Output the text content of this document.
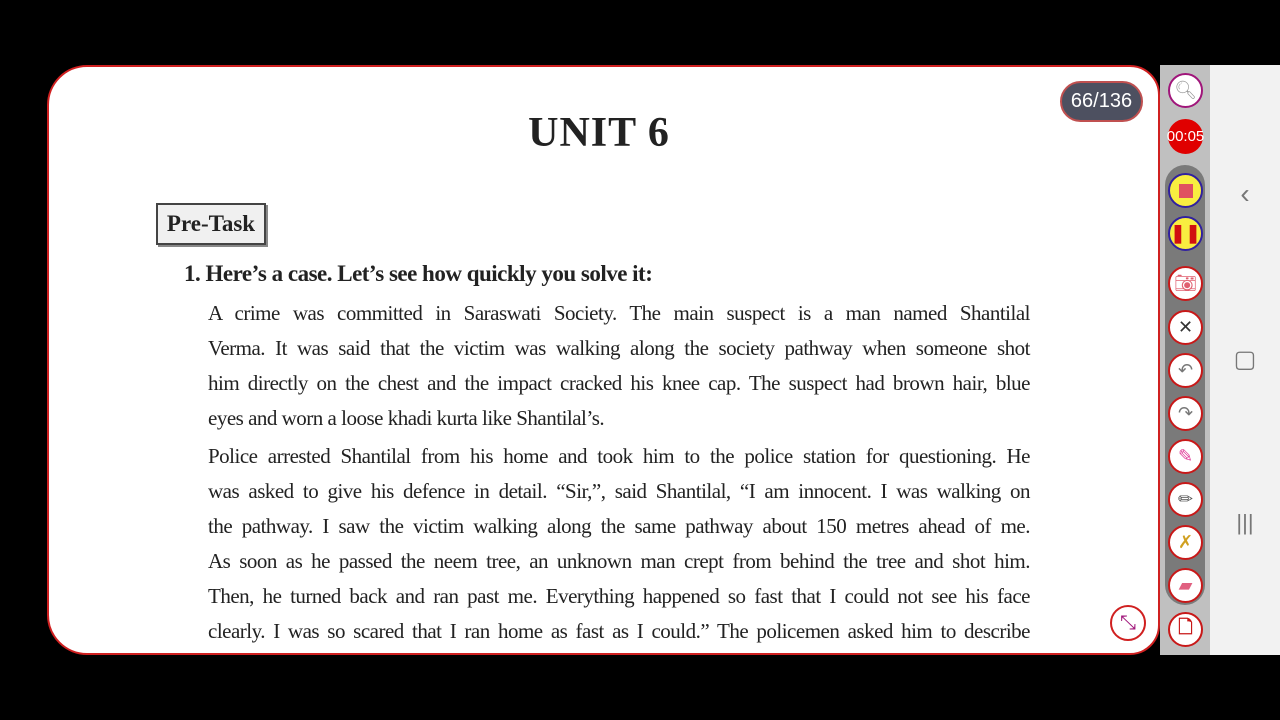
UNIT 6
Pre-Task
1. Here’s a case. Let’s see how quickly you solve it:

A crime was committed in Saraswati Society. The main suspect is a man named Shantilal

Verma. It was said that the victim was walking along the society pathway when someone shot

him directly on the chest and the impact cracked his knee cap. The suspect had brown hair, blue

eyes and worn a loose khadi kurta like Shantilal’s.

Police arrested Shantilal from his home and took him to the police station for questioning. He

was asked to give his defence in detail. “Sir,”, said Shantilal, “I am innocent. I was walking on

the pathway. I saw the victim walking along the same pathway about 150 metres ahead of me.

As soon as he passed the neem tree, an unknown man crept from behind the tree and shot him.

Then, he turned back and ran past me. Everything happened so fast that I could not see his face

clearly. I was so scared that I ran home as fast as I could.” The policemen asked him to describe

66/136
⤡
🔍︎
00:05
❚❚
📷︎
✕
↶
↷
✎
✏︎
✗
▰
🗋
‹
▢
|||
